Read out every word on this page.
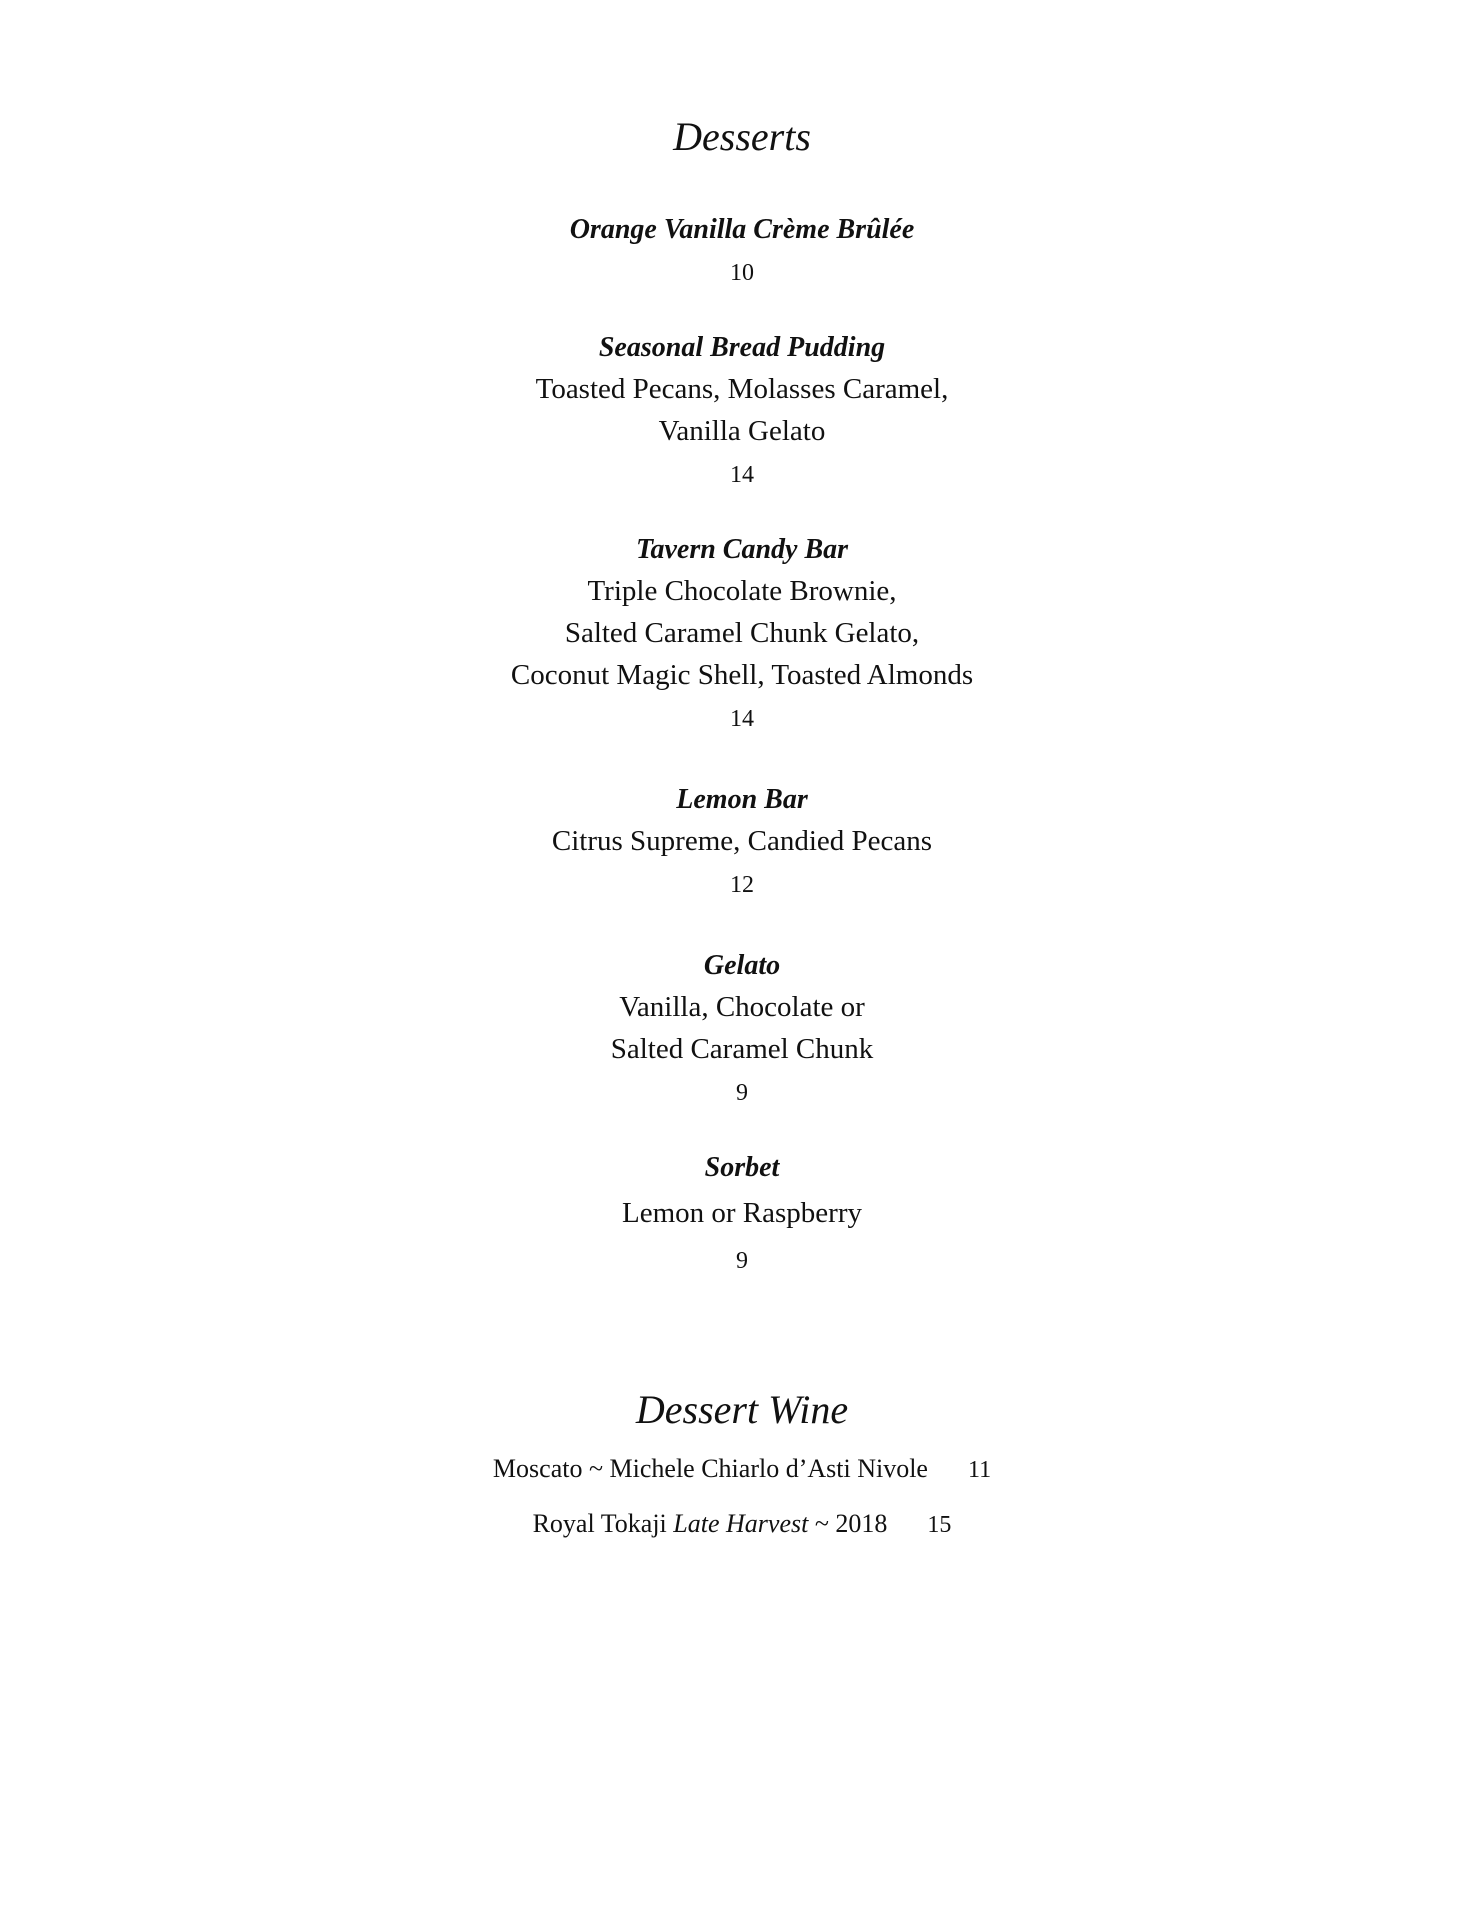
Desserts
Orange Vanilla Crème Brûlée
10
Seasonal Bread Pudding
Toasted Pecans, Molasses Caramel,
Vanilla Gelato
14
Tavern Candy Bar
Triple Chocolate Brownie,
Salted Caramel Chunk Gelato,
Coconut Magic Shell, Toasted Almonds
14
Lemon Bar
Citrus Supreme, Candied Pecans
12
Gelato
Vanilla, Chocolate or
Salted Caramel Chunk
9
Sorbet
Lemon or Raspberry
9
Dessert Wine
Moscato ~ Michele Chiarlo d’Asti Nivole 11
Royal Tokaji Late Harvest ~ 2018 15
